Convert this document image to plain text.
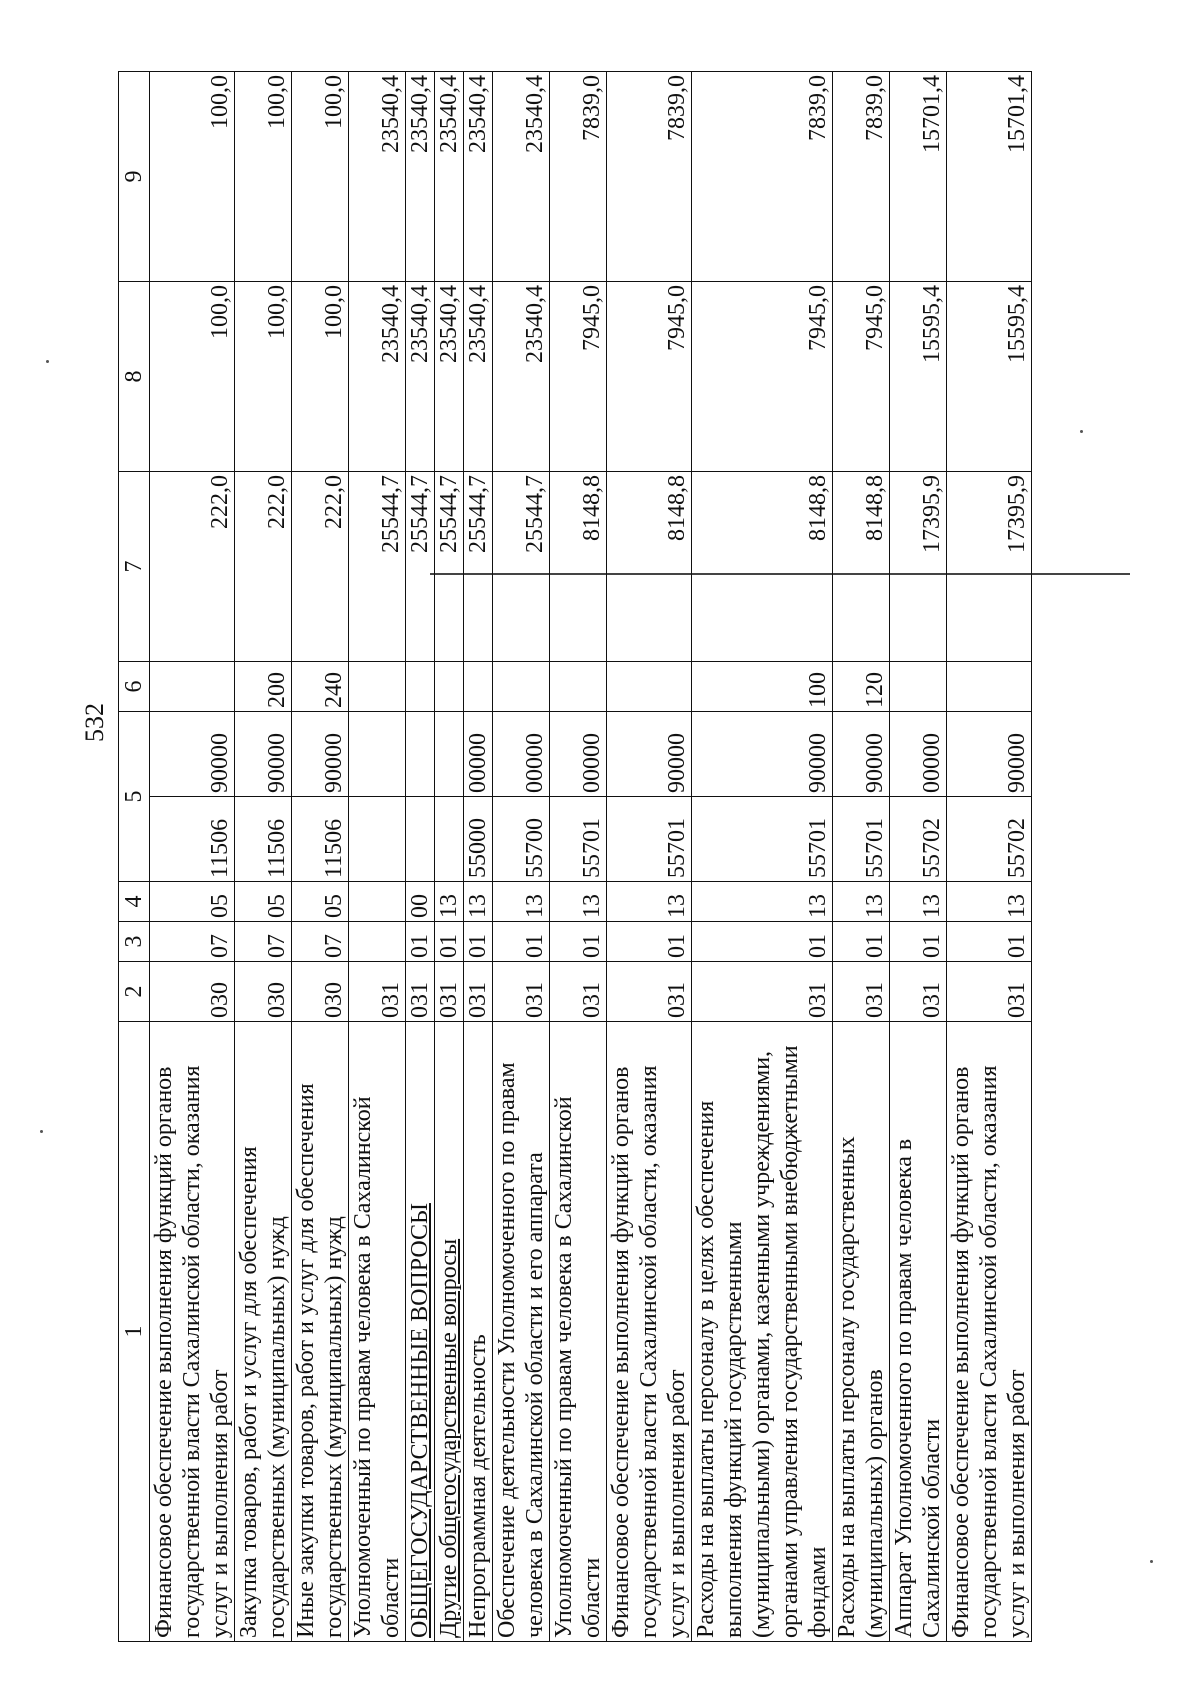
532
1	2	3	4	5		6	7	8	9
Финансовое обеспечение выполнения функций органов государственной власти Сахалинской области, оказания услуг и выполнения работ	030	07	05	11506	90000		222,0	100,0	100,0
Закупка товаров, работ и услуг для обеспечения государственных (муниципальных) нужд	030	07	05	11506	90000	200	222,0	100,0	100,0
Иные закупки товаров, работ и услуг для обеспечения государственных (муниципальных) нужд	030	07	05	11506	90000	240	222,0	100,0	100,0
Уполномоченный по правам человека в Сахалинской области	031						25544,7	23540,4	23540,4
ОБЩЕГОСУДАРСТВЕННЫЕ ВОПРОСЫ	031	01	00				25544,7	23540,4	23540,4
Другие общегосударственные вопросы	031	01	13				25544,7	23540,4	23540,4
Непрограммная деятельность	031	01	13	55000	00000		25544,7	23540,4	23540,4
Обеспечение деятельности Уполномоченного по правам человека в Сахалинской области и его аппарата	031	01	13	55700	00000		25544,7	23540,4	23540,4
Уполномоченный по правам человека в Сахалинской области	031	01	13	55701	00000		8148,8	7945,0	7839,0
Финансовое обеспечение выполнения функций органов государственной власти Сахалинской области, оказания услуг и выполнения работ	031	01	13	55701	90000		8148,8	7945,0	7839,0
Расходы на выплаты персоналу в целях обеспечения выполнения функций государственными (муниципальными) органами, казенными учреждениями, органами управления государственными внебюджетными фондами	031	01	13	55701	90000	100	8148,8	7945,0	7839,0
Расходы на выплаты персоналу государственных (муниципальных) органов	031	01	13	55701	90000	120	8148,8	7945,0	7839,0
Аппарат Уполномоченного по правам человека в Сахалинской области	031	01	13	55702	00000		17395,9	15595,4	15701,4
Финансовое обеспечение выполнения функций органов государственной власти Сахалинской области, оказания услуг и выполнения работ	031	01	13	55702	90000		17395,9	15595,4	15701,4
